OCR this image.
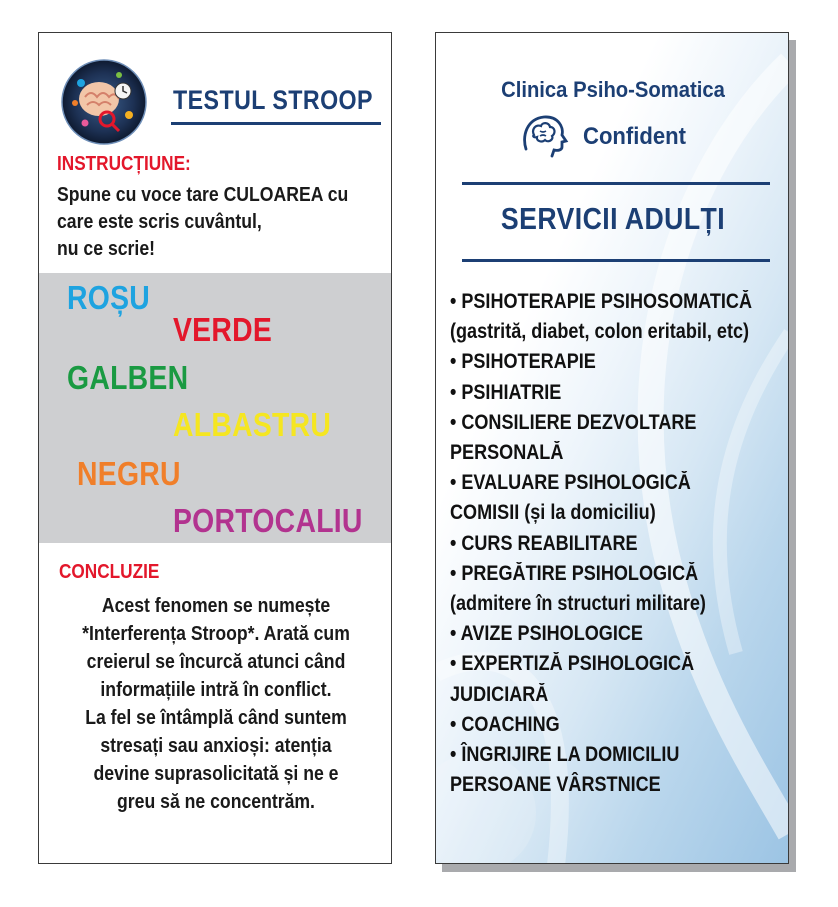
TESTUL STROOP
INSTRUCȚIUNE:
Spune cu voce tare CULOAREA cu
care este scris cuvântul,
nu ce scrie!
ROȘU
VERDE
GALBEN
ALBASTRU
NEGRU
PORTOCALIU
CONCLUZIE
Acest fenomen se numește
*Interferența Stroop*. Arată cum
creierul se încurcă atunci când
informațiile intră în conflict.
La fel se întâmplă când suntem
stresați sau anxioși: atenția
devine suprasolicitată și ne e
greu să ne concentrăm.
Clinica Psiho-Somatica
Confident
SERVICII ADULȚI
• PSIHOTERAPIE PSIHOSOMATICĂ
(gastrită, diabet, colon eritabil, etc)
• PSIHOTERAPIE
• PSIHIATRIE
• CONSILIERE DEZVOLTARE
PERSONALĂ
• EVALUARE PSIHOLOGICĂ
COMISII (și la domiciliu)
• CURS REABILITARE
• PREGĂTIRE PSIHOLOGICĂ
(admitere în structuri militare)
• AVIZE PSIHOLOGICE
• EXPERTIZĂ PSIHOLOGICĂ
JUDICIARĂ
• COACHING
• ÎNGRIJIRE LA DOMICILIU
PERSOANE VÂRSTNICE
